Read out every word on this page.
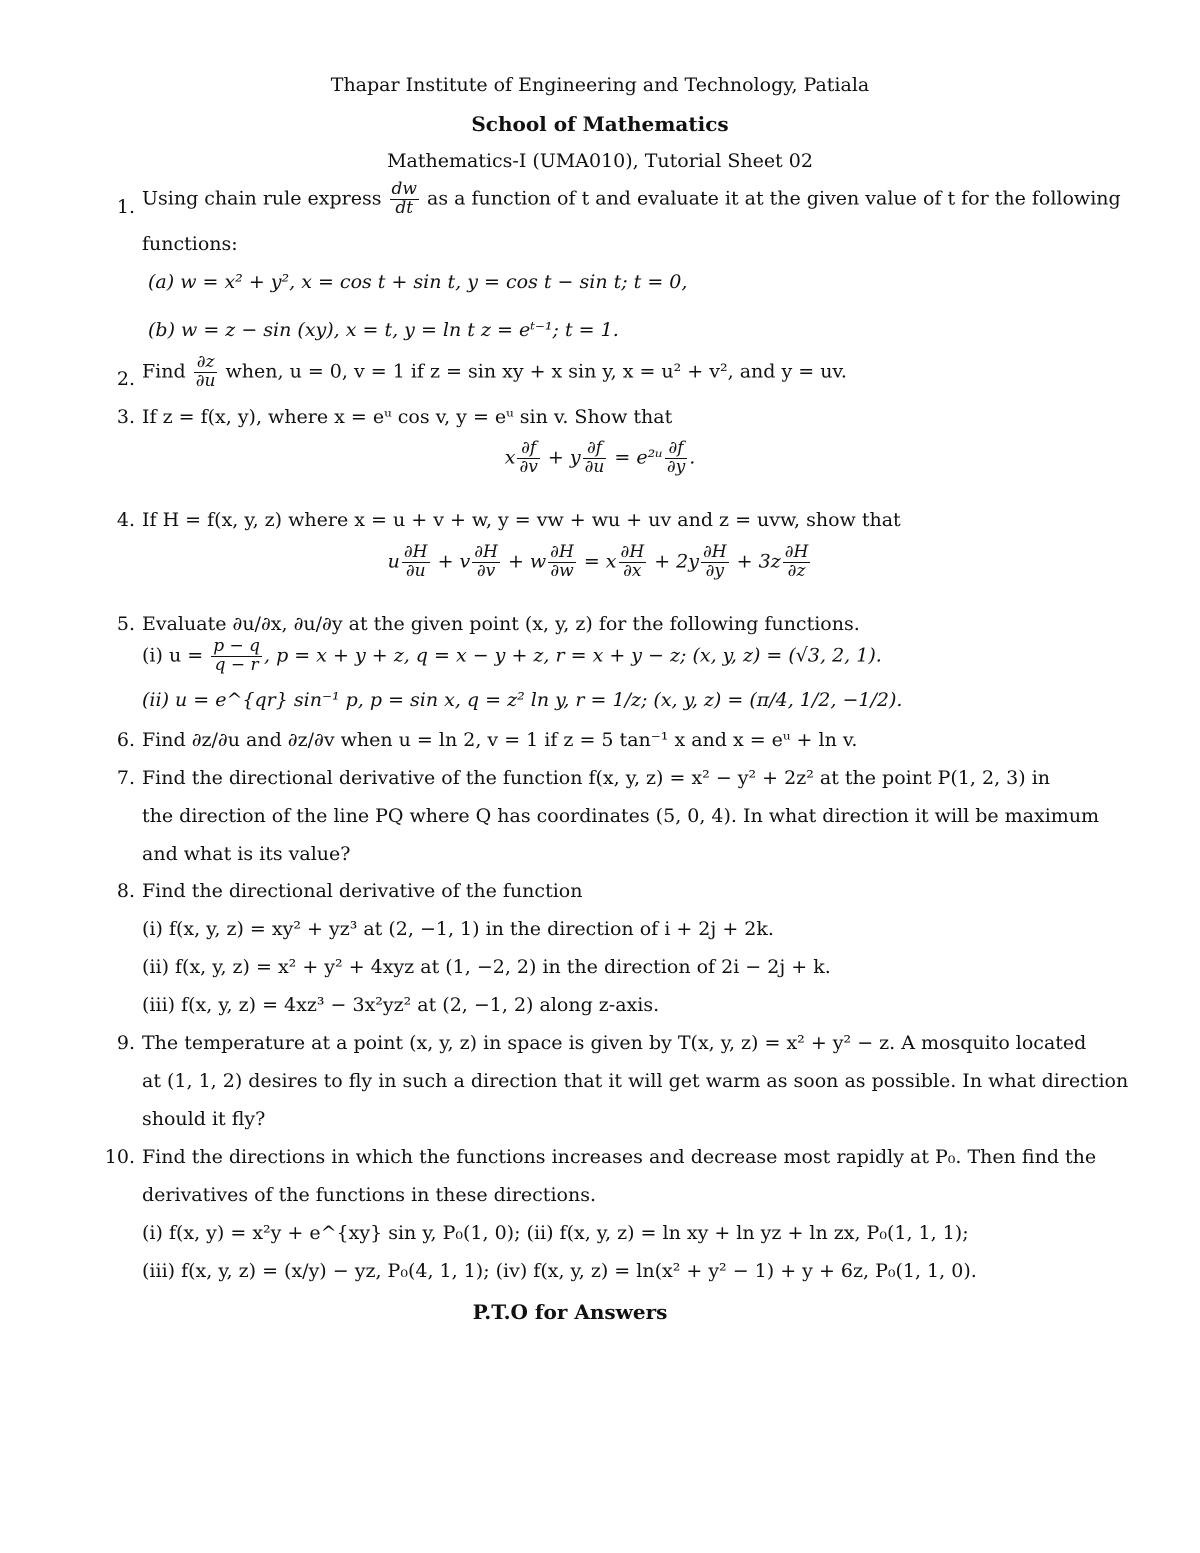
Thapar Institute of Engineering and Technology, Patiala
School of Mathematics
Mathematics-I (UMA010), Tutorial Sheet 02
1. Using chain rule express $\frac{dw}{dt}$ as a function of t and evaluate it at the given value of t for the following
functions:
(a) w = x² + y², x = cos t + sin t, y = cos t − sin t; t = 0,
(b) w = z − sin (xy), x = t, y = ln t z = eᵗ⁻¹; t = 1.
2. Find $\frac{\partial z}{\partial u}$ when, u = 0, v = 1 if z = sin xy + x sin y, x = u² + v², and y = uv.
3. If z = f(x, y), where x = eᵘ cos v, y = eᵘ sin v. Show that
x $\frac{\partial f}{\partial v} + y \frac{\partial f}{\partial u}$ = e²ᵘ $\frac{\partial f}{\partial y}$ .
4. If H = f(x, y, z) where x = u + v + w, y = vw + wu + uv and z = uvw, show that
u $\frac{\partial H}{\partial u} + v \frac{\partial H}{\partial v} + w \frac{\partial H}{\partial w} = x \frac{\partial H}{\partial x} + 2y \frac{\partial H}{\partial y} + 3z \frac{\partial H}{\partial z}$
5. Evaluate ∂u/∂x, ∂u/∂y at the given point (x, y, z) for the following functions.
(i) $u = \frac{p - q}{q - r}$ , p = x + y + z, q = x − y + z, r = x + y − z; (x, y, z) = (√3, 2, 1).
(ii) u = e^{qr} sin⁻¹ p, p = sin x, q = z² ln y, r = 1/z; (x, y, z) = (π/4, 1/2, −1/2).
6. Find ∂z/∂u and ∂z/∂v when u = ln 2, v = 1 if z = 5 tan⁻¹ x and x = eᵘ + ln v.
7. Find the directional derivative of the function f(x, y, z) = x² − y² + 2z² at the point P(1, 2, 3) in
the direction of the line PQ where Q has coordinates (5, 0, 4). In what direction it will be maximum
and what is its value?
8. Find the directional derivative of the function
(i) f(x, y, z) = xy² + yz³ at (2, −1, 1) in the direction of i + 2j + 2k.
(ii) f(x, y, z) = x² + y² + 4xyz at (1, −2, 2) in the direction of 2i − 2j + k.
(iii) f(x, y, z) = 4xz³ − 3x²yz² at (2, −1, 2) along z-axis.
9. The temperature at a point (x, y, z) in space is given by T(x, y, z) = x² + y² − z. A mosquito located
at (1, 1, 2) desires to fly in such a direction that it will get warm as soon as possible. In what direction
should it fly?
10. Find the directions in which the functions increases and decrease most rapidly at P₀. Then find the
derivatives of the functions in these directions.
(i) f(x, y) = x²y + e^{xy} sin y, P₀(1, 0); (ii) f(x, y, z) = ln xy + ln yz + ln zx, P₀(1, 1, 1);
(iii) f(x, y, z) = (x/y) − yz, P₀(4, 1, 1); (iv) f(x, y, z) = ln(x² + y² − 1) + y + 6z, P₀(1, 1, 0).
P.T.O for Answers
